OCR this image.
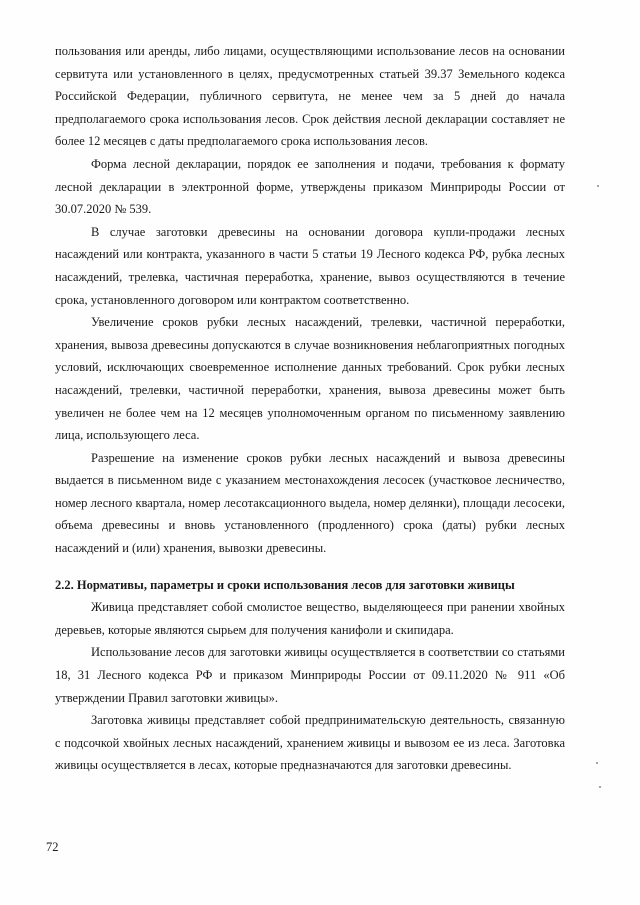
пользования или аренды, либо лицами, осуществляющими использование лесов на основании сервитута или установленного в целях, предусмотренных статьей 39.37 Земельного кодекса Российской Федерации, публичного сервитута, не менее чем за 5 дней до начала предполагаемого срока использования лесов. Срок действия лесной декларации составляет не более 12 месяцев с даты предполагаемого срока использования лесов.

Форма лесной декларации, порядок ее заполнения и подачи, требования к формату лесной декларации в электронной форме, утверждены приказом Минприроды России от 30.07.2020 № 539.

В случае заготовки древесины на основании договора купли-продажи лесных насаждений или контракта, указанного в части 5 статьи 19 Лесного кодекса РФ, рубка лесных насаждений, трелевка, частичная переработка, хранение, вывоз осуществляются в течение срока, установленного договором или контрактом соответственно.

Увеличение сроков рубки лесных насаждений, трелевки, частичной переработки, хранения, вывоза древесины допускаются в случае возникновения неблагоприятных погодных условий, исключающих своевременное исполнение данных требований. Срок рубки лесных насаждений, трелевки, частичной переработки, хранения, вывоза древесины может быть увеличен не более чем на 12 месяцев уполномоченным органом по письменному заявлению лица, использующего леса.

Разрешение на изменение сроков рубки лесных насаждений и вывоза древесины выдается в письменном виде с указанием местонахождения лесосек (участковое лесничество, номер лесного квартала, номер лесотаксационного выдела, номер делянки), площади лесосеки, объема древесины и вновь установленного (продленного) срока (даты) рубки лесных насаждений и (или) хранения, вывозки древесины.

2.2. Нормативы, параметры и сроки использования лесов для заготовки живицы

Живица представляет собой смолистое вещество, выделяющееся при ранении хвойных деревьев, которые являются сырьем для получения канифоли и скипидара.

Использование лесов для заготовки живицы осуществляется в соответствии со статьями 18, 31 Лесного кодекса РФ и приказом Минприроды России от 09.11.2020 № 911 «Об утверждении Правил заготовки живицы».

Заготовка живицы представляет собой предпринимательскую деятельность, связанную с подсочкой хвойных лесных насаждений, хранением живицы и вывозом ее из леса. Заготовка живицы осуществляется в лесах, которые предназначаются для заготовки древесины.

72
